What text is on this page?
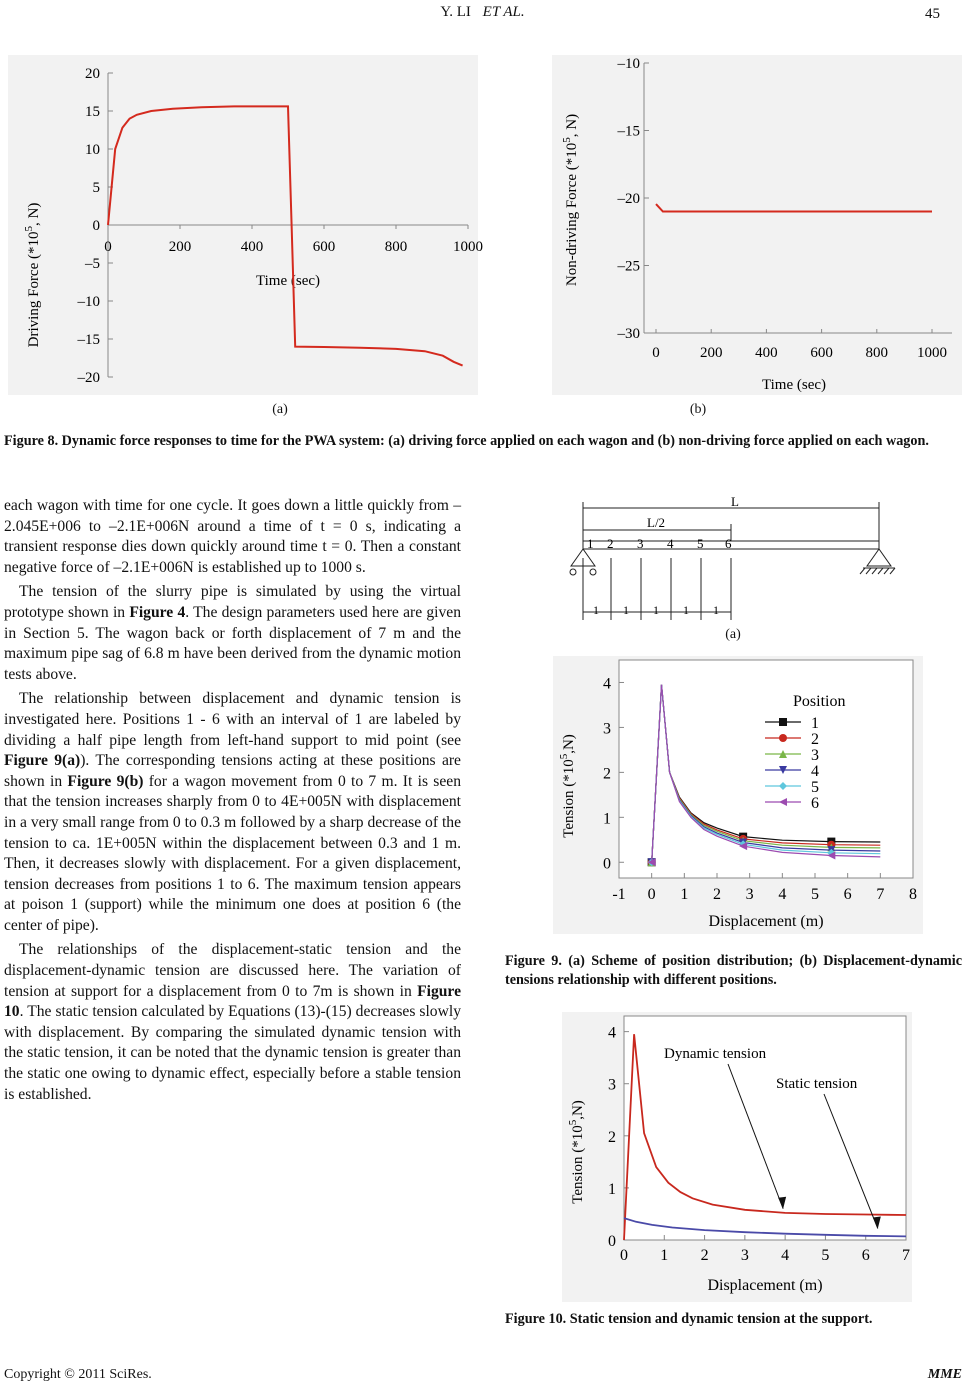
Y. LI ET AL.	45
20
15
10
5
0
–5
–10
–15
–20
0	200	400	600	800	1000
Time (sec)
Driving Force ($*10^5$, N)
–10
–15
–20
–25
–30
0	200 400 600 800 1000
Time (sec)
Non-driving Force ($*10^5$, N)
(a)	(b)
Figure 8. Dynamic force responses to time for the PWA system: (a) driving force applied on each wagon and (b) non-driving force applied on each wagon.

each wagon with time for one cycle. It goes down a little quickly from –2.045E+006 to –2.1E+006N around a time of t = 0 s, indicating a transient response dies down quickly around time t = 0. Then a constant negative force of –2.1E+006N is established up to 1000 s.

The tension of the slurry pipe is simulated by using the virtual prototype shown in Figure 4. The design parameters used here are given in Section 5. The wagon back or forth displacement of 7 m and the maximum pipe sag of 6.8 m have been derived from the dynamic motion tests above.

The relationship between displacement and dynamic tension is investigated here. Positions 1 - 6 with an interval of 1 are labeled by dividing a half pipe length from left-hand support to mid point (see Figure 9(a)). The corresponding tensions acting at these positions are shown in Figure 9(b) for a wagon movement from 0 to 7 m. It is seen that the tension increases sharply from 0 to 4E+005N with displacement in a very small range from 0 to 0.3 m followed by a sharp decrease of the tension to ca. 1E+005N within the displacement between 0.3 and 1 m. Then, it decreases slowly with displacement. For a given displacement, tension decreases from positions 1 to 6. The maximum tension appears at poison 1 (support) while the minimum one does at position 6 (the center of pipe).

The relationships of the displacement-static tension and the displacement-dynamic tension are discussed here. The variation of tension at support for a displacement from 0 to 7m is shown in Figure 10. The static tension calculated by Equations (13)-(15) decreases slowly with displacement. By comparing the simulated dynamic tension with the static tension, it can be noted that the dynamic tension is greater than the static one owing to dynamic effect, especially before a stable tension is established.

L
L/2
1 2 3 4 5 6
1 1 1 1 1
(a)
0
1
2
3
4
-1 0 1 2 3 4 5 6 7 8
Displacement (m)
Tension $(*10^5,N)$
Position
1
2
3
4
5
6
Figure 9. (a) Scheme of position distribution; (b) Displacement-dynamic tensions relationship with different positions.
0
1
2
3
4
0 1 2 3 4 5 6 7
Displacement (m)
Tension $(*10^5,N)$
Dynamic tension
Static tension
Figure 10. Static tension and dynamic tension at the support.
Copyright © 2011 SciRes.	MME
